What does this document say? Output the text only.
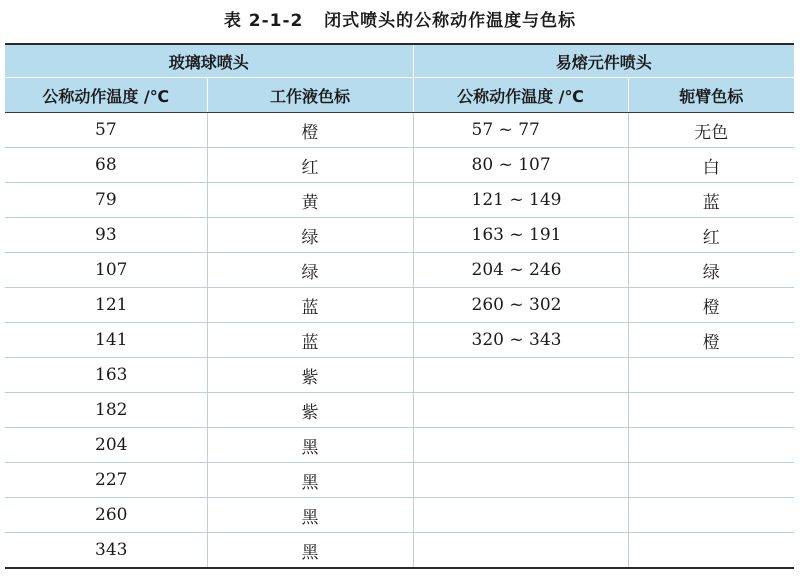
表 2-1-2   闭式喷头的公称动作温度与色标
玻璃球喷头		易熔元件喷头	
公称动作温度 /℃	工作液色标	公称动作温度 /℃	轭臂色标
57	橙	57 ~ 77	无色
68	红	80 ~ 107	白
79	黄	121 ~ 149	蓝
93	绿	163 ~ 191	红
107	绿	204 ~ 246	绿
121	蓝	260 ~ 302	橙
141	蓝	320 ~ 343	橙
163	紫		
182	紫		
204	黑		
227	黑		
260	黑		
343	黑		
